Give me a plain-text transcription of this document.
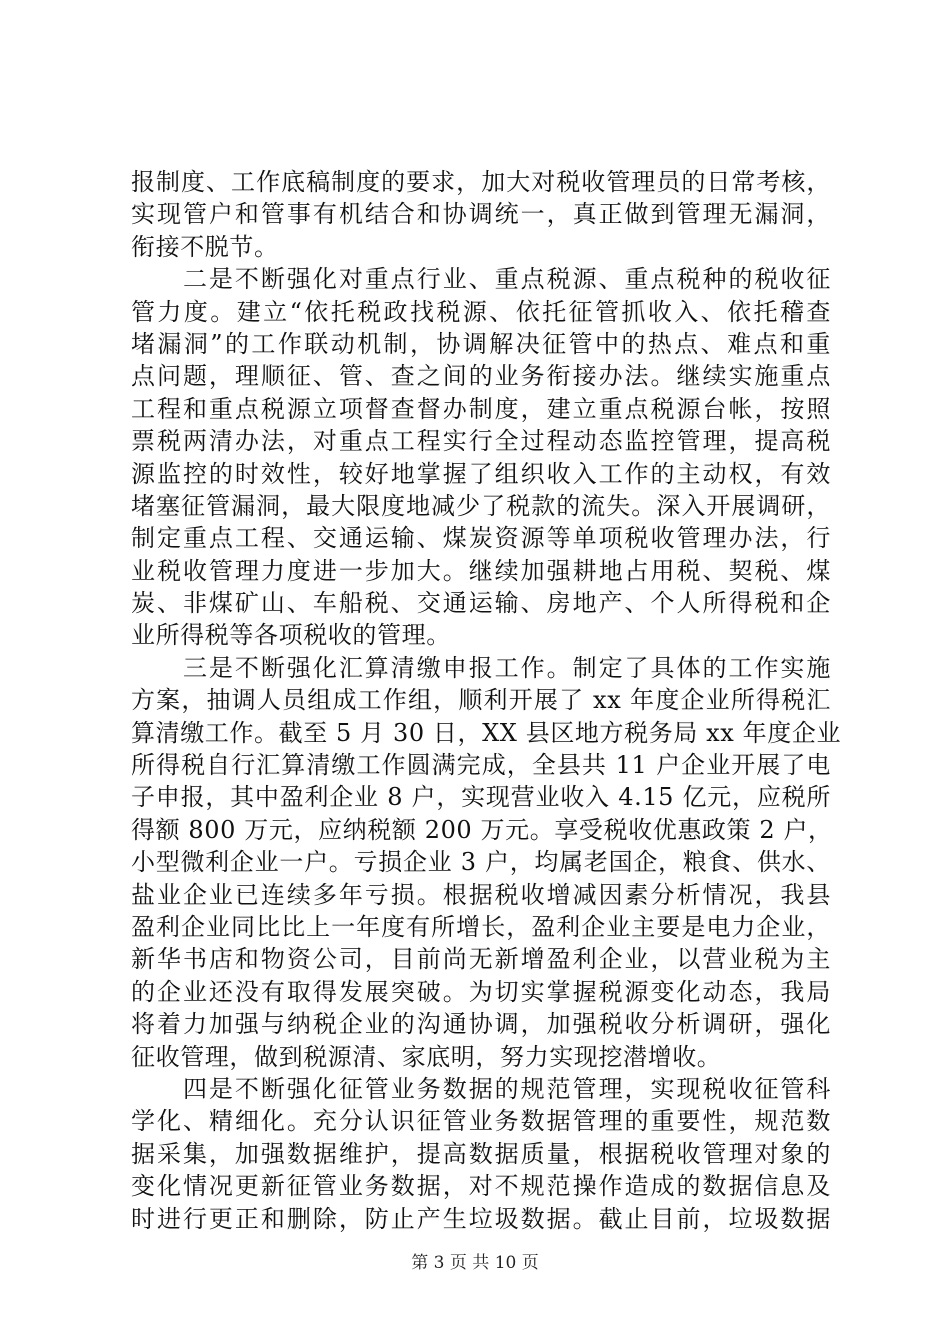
报制度、工作底稿制度的要求，加大对税收管理员的日常考核，
实现管户和管事有机结合和协调统一，真正做到管理无漏洞，
衔接不脱节。
　　二是不断强化对重点行业、重点税源、重点税种的税收征
管力度。建立“依托税政找税源、依托征管抓收入、依托稽查
堵漏洞”的工作联动机制，协调解决征管中的热点、难点和重
点问题，理顺征、管、查之间的业务衔接办法。继续实施重点
工程和重点税源立项督查督办制度，建立重点税源台帐，按照
票税两清办法，对重点工程实行全过程动态监控管理，提高税
源监控的时效性，较好地掌握了组织收入工作的主动权，有效
堵塞征管漏洞，最大限度地减少了税款的流失。深入开展调研，
制定重点工程、交通运输、煤炭资源等单项税收管理办法，行
业税收管理力度进一步加大。继续加强耕地占用税、契税、煤
炭、非煤矿山、车船税、交通运输、房地产、个人所得税和企
业所得税等各项税收的管理。
　　三是不断强化汇算清缴申报工作。制定了具体的工作实施
方案，抽调人员组成工作组，顺利开展了 xx 年度企业所得税汇
算清缴工作。截至 5 月 30 日，XX 县区地方税务局 xx 年度企业
所得税自行汇算清缴工作圆满完成，全县共 11 户企业开展了电
子申报，其中盈利企业 8 户，实现营业收入 4.15 亿元，应税所
得额 800 万元，应纳税额 200 万元。享受税收优惠政策 2 户，
小型微利企业一户。亏损企业 3 户，均属老国企，粮食、供水、
盐业企业已连续多年亏损。根据税收增减因素分析情况，我县
盈利企业同比比上一年度有所增长，盈利企业主要是电力企业，
新华书店和物资公司，目前尚无新增盈利企业，以营业税为主
的企业还没有取得发展突破。为切实掌握税源变化动态，我局
将着力加强与纳税企业的沟通协调，加强税收分析调研，强化
征收管理，做到税源清、家底明，努力实现挖潜增收。
　　四是不断强化征管业务数据的规范管理，实现税收征管科
学化、精细化。充分认识征管业务数据管理的重要性，规范数
据采集，加强数据维护，提高数据质量，根据税收管理对象的
变化情况更新征管业务数据，对不规范操作造成的数据信息及
时进行更正和删除，防止产生垃圾数据。截止目前，垃圾数据
第 3 页 共 10 页
